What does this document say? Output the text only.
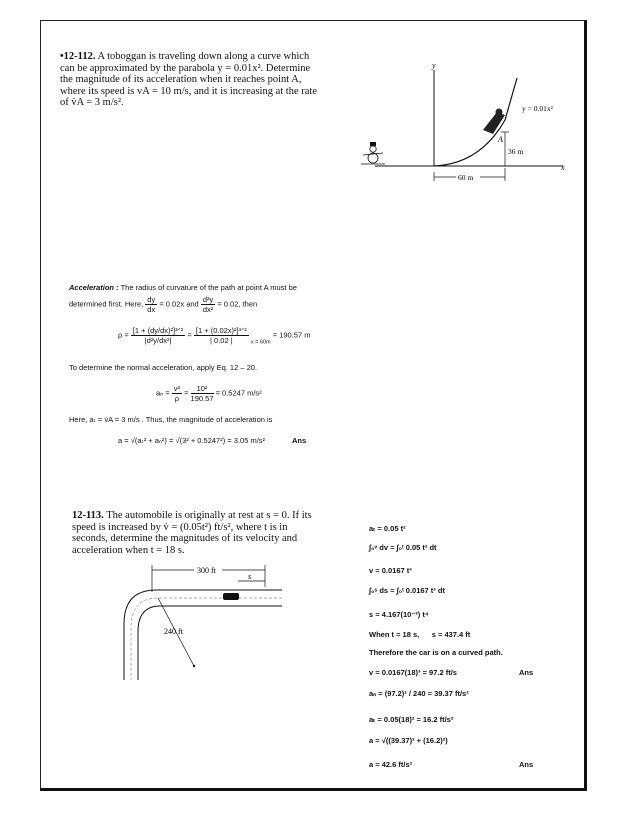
•12-112. A toboggan is traveling down along a curve which can be approximated by the parabola y = 0.01x². Determine the magnitude of its acceleration when it reaches point A, where its speed is vA = 10 m/s, and it is increasing at the rate of v̇A = 3 m/s².
y
x
A
36 m
y = 0.01x²
60 m
Acceleration : The radius of curvature of the path at point A must be
determined first. Here, $\frac{dy}{dx} = 0.02x$ and $\frac{\text{d²y}}{\text{dx²}} = 0.02$, then
$\rho = \frac{\text{[1 + (dy/dx)²]³ᐟ²}}{\text{|d²y/dx²|}} = \frac{\text{[1 + (0.02x)²]³ᐟ²}}{| 0.02 |} _{x = 60m} = 190.57$ m
To determine the normal acceleration, apply Eq. 12 – 20.
$a_n = \frac{\text{v²}}{\rho} = \frac{\text{10²}}{190.57} = 0.5247$ m/s²
Here, aₜ = v̇A = 3 m/s . Thus, the magnitude of acceleration is
a = √(aₜ² + aₙ²) = √(3² + 0.5247²) = 3.05 m/s²	Ans
12-113. The automobile is originally at rest at s = 0. If its speed is increased by v̇ = (0.05t²) ft/s², where t is in seconds, determine the magnitudes of its velocity and acceleration when t = 18 s.
300 ft
s
240 ft
aₜ = 0.05 t²
∫₀ᵛ dv = ∫₀ᵗ 0.05 t² dt
v = 0.0167 t³
∫₀ˢ ds = ∫₀ᵗ 0.0167 t³ dt
s = 4.167(10⁻³) t⁴
When t = 18 s,      s = 437.4 ft
Therefore the car is on a curved path.
v = 0.0167(18)³ = 97.2 ft/s	Ans
aₙ = (97.2)² / 240 = 39.37 ft/s²
aₜ = 0.05(18)² = 16.2 ft/s²
a = √((39.37)² + (16.2)²)
a = 42.6 ft/s²	Ans
